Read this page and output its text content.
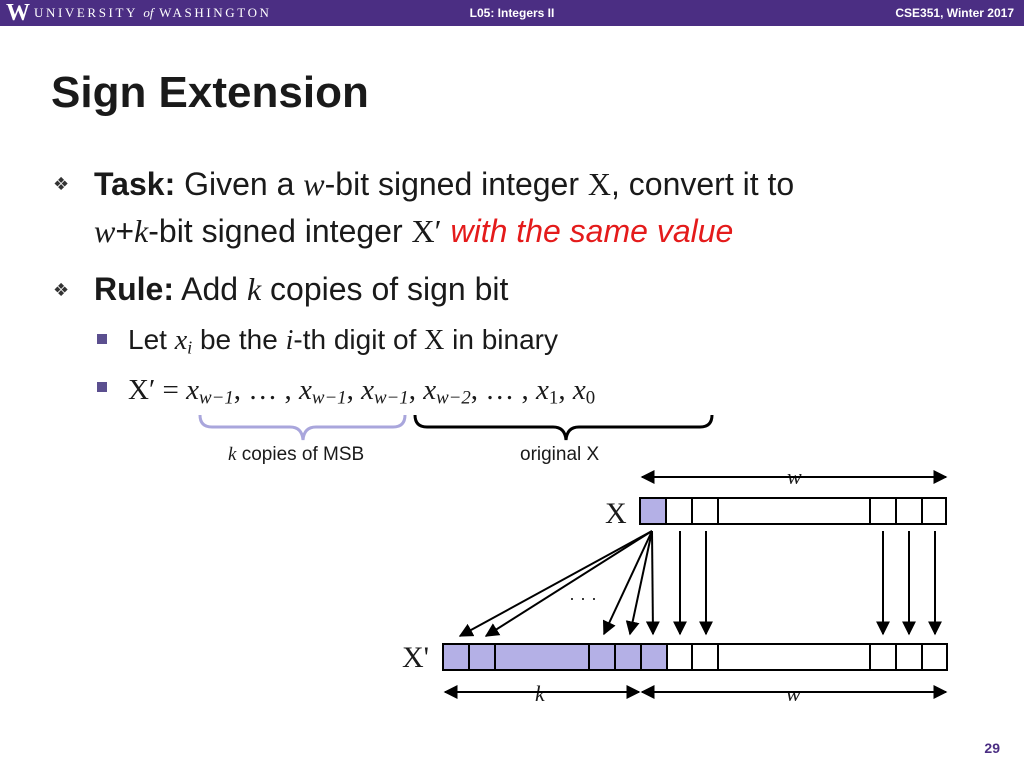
W UNIVERSITY of WASHINGTON	L05: Integers II	CSE351, Winter 2017
Sign Extension
❖ Task: Given a w-bit signed integer X, convert it to
w+k-bit signed integer X′ with the same value
❖ Rule: Add k copies of sign bit
Let $x_i$ be the i-th digit of X in binary
$X' = x_{w-1}$, … , $x_{w-1}$, $x_{w-1}$, $x_{w-2}$, … , $x_1$, $x_0$
k copies of MSB	original X
X
X'
w
k	w
· · ·
29
